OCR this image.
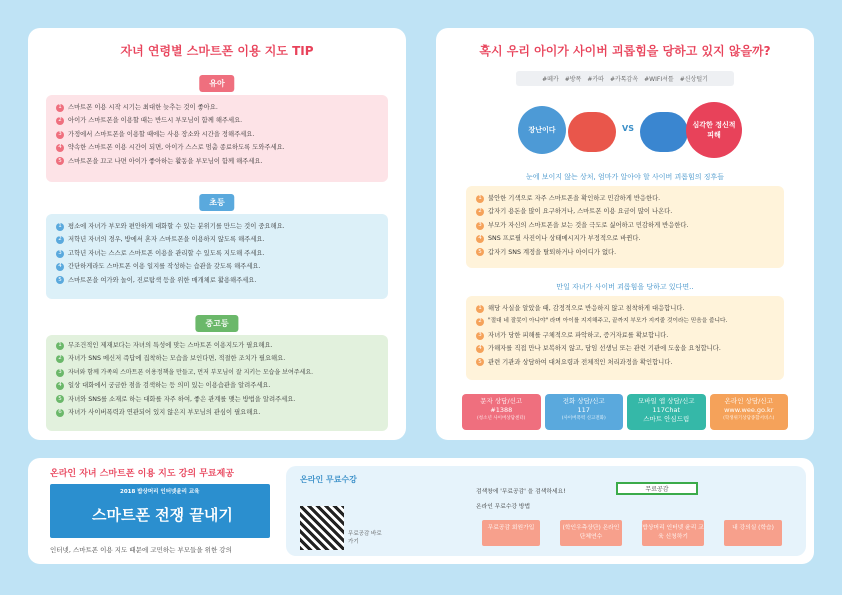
자녀 연령별 스마트폰 이용 지도 TIP
유아
1 스마트폰 이용 시작 시기는 최대한 늦추는 것이 좋아요.
2 아이가 스마트폰을 이용할 때는 반드시 부모님이 함께 해주세요.
3 가정에서 스마트폰을 이용할 때에는 사용 장소와 시간을 정해주세요.
4 약속한 스마트폰 이용 시간이 되면, 아이가 스스로 멈춤 종료하도록 도와주세요.
5 스마트폰을 끄고 나면 아이가 좋아하는 활동을 부모님이 함께 해주세요.
초등
1 평소에 자녀가 부모와 편안하게 대화할 수 있는 분위기를 만드는 것이 중요해요.
2 저학년 자녀의 경우, 방에서 혼자 스마트폰을 이용하지 않도록 해주세요.
3 고학년 자녀는 스스로 스마트폰 이용을 관리할 수 있도록 지도해 주세요.
4 간단하게라도 스마트폰 이용 일지를 작성하는 습관을 갖도록 해주세요.
5 스마트폰을 여가와 놀이, 진로탐색 등을 위한 매개체로 활용해주세요.
중고등
1 무조건적인 제재보다는 자녀의 특성에 맞는 스마트폰 이용지도가 필요해요.
2 자녀가 SNS 메신저 즉답에 집착하는 모습을 보인다면, 적절한 조치가 필요해요.
3	자녀와 함께 가족의 스마트폰 이용정책을 만들고, 먼저 부모님이 잘 지키는 모습을 보여주세요.
4 일상 대화에서 궁금한 점을 검색하는 등 의미 있는 이용습관을 알려주세요.
5 자녀와 SNS를 소재로 하는 대화를 자주 하여, 좋은 관계를 맺는 방법을 알려주세요.
6 자녀가 사이버폭력과 연관되어 있지 않은지 부모님의 관심이 필요해요.
혹시 우리 아이가 사이버 괴롭힘을 당하고 있지 않을까?
#떼카 #방폭 #카따 #카톡감옥 #WIFI셔틀 #신상털기
장난이다	VS	심각한 정신적 피해
눈에 보이지 않는 상처, 엄마가 알아야 할 사이버 괴롭힘의 징후들
1 불안한 기색으로 자주 스마트폰을 확인하고 민감하게 반응한다.
2 갑자기 용돈을 많이 요구하거나, 스마트폰 이용 요금이 많이 나온다.
3 부모가 자신의 스마트폰을 보는 것을 극도로 싫어하고 민감하게 반응한다.
4 SNS 프로필 사진이나 상태메시지가 부정적으로 바뀐다.
5 갑자기 SNS 계정을 탈퇴하거나 아이디가 없다.
만일 자녀가 사이버 괴롭힘을 당하고 있다면..
1 해당 사실을 알았을 때, 감정적으로 반응하지 않고 침착하게 대응합니다.
2	"절대 네 잘못이 아니야" 라며 아이를 지지해주고, 끝까지 부모가 지켜줄 것이라는 믿음을 줍니다.
3 자녀가 당한 피해를 구체적으로 파악하고, 증거자료를 확보합니다.
4 가해자를 직접 만나 보복하지 않고, 담임 선생님 또는 관련 기관에 도움을 요청합니다.
5 관련 기관과 상담하여 대처요령과 전체적인 처리과정을 확인합니다.
문자 상담/신고
#1388
(청소년 사이버상담센터)
전화 상담/신고
117
(사이버폭력 신고전화)
모바일 앱 상담/신고
117Chat
스마트 안심드림
온라인 상담/신고
www.wee.go.kr
(학생위기상담종합서비스)
온라인 자녀 스마트폰 이용 지도 강의 무료제공
2018 밥상머리 인터넷윤리 교육
스마트폰 전쟁 끝내기
인터넷, 스마트폰 이용 지도 때문에 고민하는 부모들을 위한 강의
온라인 무료수강
무료공감 바로가기
검색창에 '무료공감' 을 검색하세요!	무료공감
온라인 무료수강 방법
무료공감 회원가입	(학인우측상단) 온라인 단체연수
밥상머리 인터넷 윤리 교육 신청하기
내 강의실 (학습)
